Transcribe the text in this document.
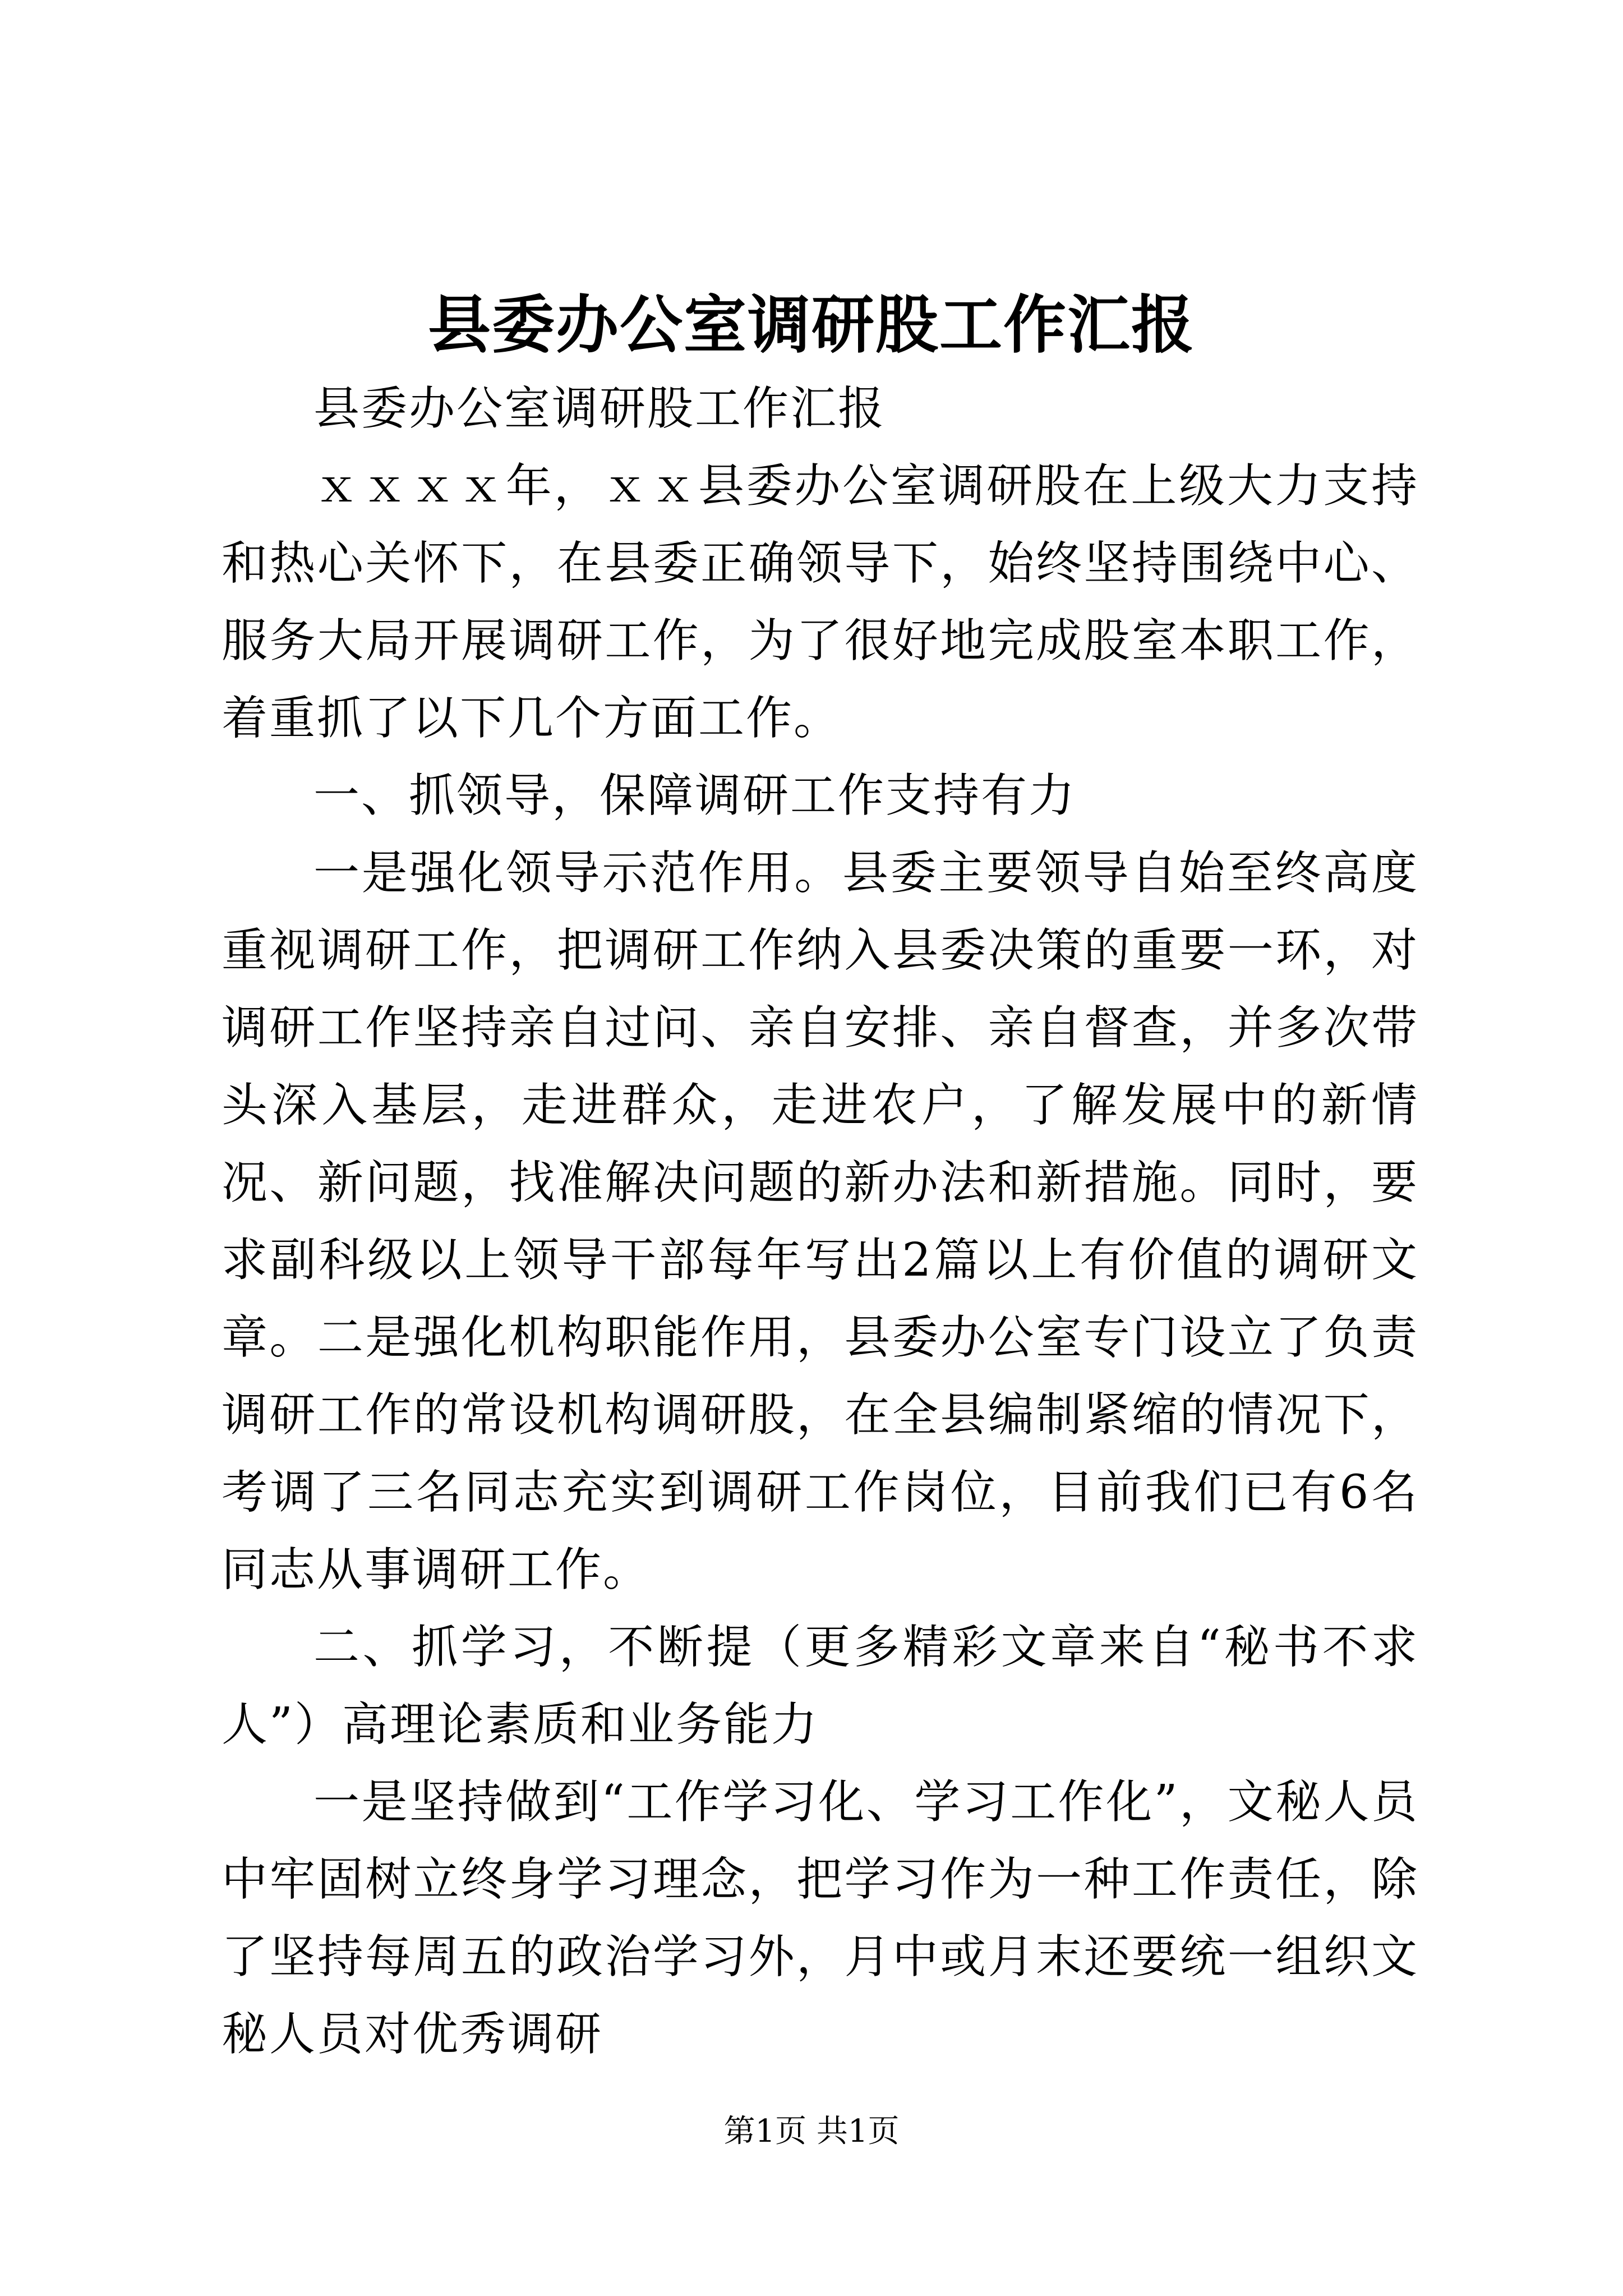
县委办公室调研股工作汇报

县委办公室调研股工作汇报

ｘｘｘｘ年，ｘｘ县委办公室调研股在上级大力支持和热心关怀下，在县委正确领导下，始终坚持围绕中心、服务大局开展调研工作，为了很好地完成股室本职工作，着重抓了以下几个方面工作。

一、抓领导，保障调研工作支持有力

一是强化领导示范作用。县委主要领导自始至终高度重视调研工作，把调研工作纳入县委决策的重要一环，对调研工作坚持亲自过问、亲自安排、亲自督查，并多次带头深入基层，走进群众，走进农户，了解发展中的新情况、新问题，找准解决问题的新办法和新措施。同时，要求副科级以上领导干部每年写出2篇以上有价值的调研文章。二是强化机构职能作用，县委办公室专门设立了负责调研工作的常设机构调研股，在全县编制紧缩的情况下，考调了三名同志充实到调研工作岗位，目前我们已有6名同志从事调研工作。

二、抓学习，不断提（更多精彩文章来自“秘书不求人”）高理论素质和业务能力

一是坚持做到“工作学习化、学习工作化”，文秘人员中牢固树立终身学习理念，把学习作为一种工作责任，除了坚持每周五的政治学习外，月中或月末还要统一组织文秘人员对优秀调研

第1页 共1页
